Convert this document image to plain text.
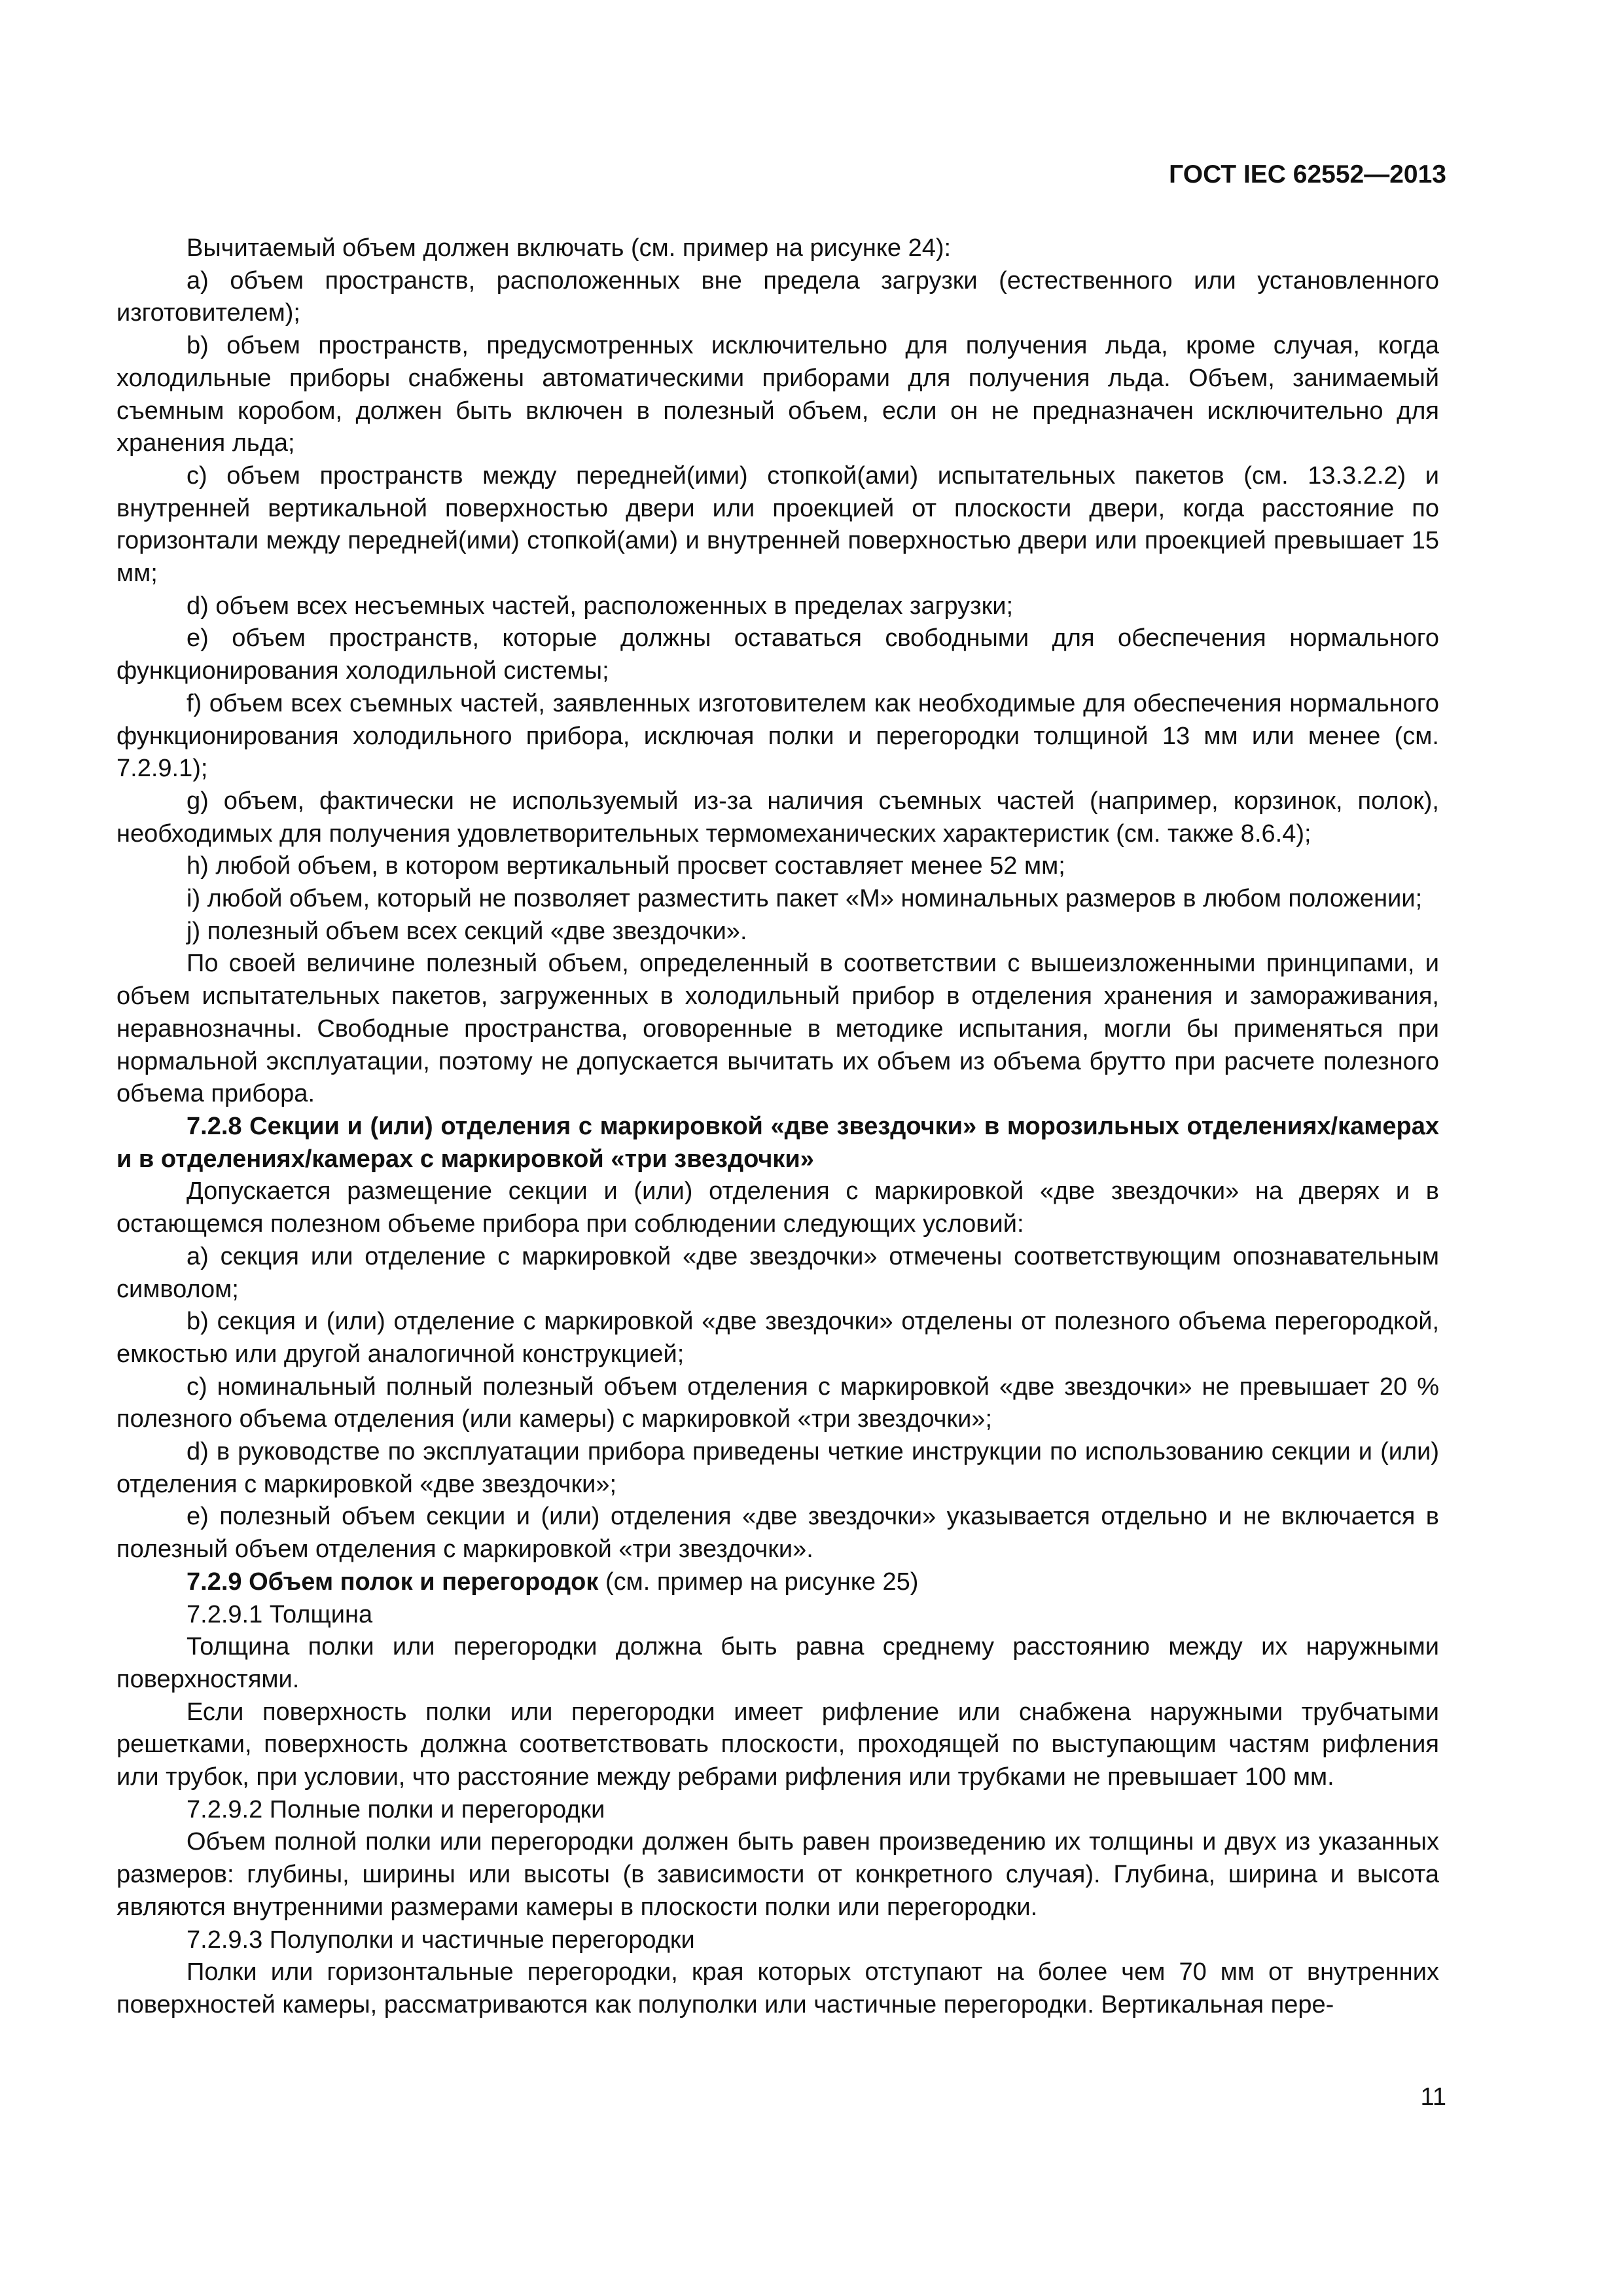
ГОСТ IEC 62552—2013

Вычитаемый объем должен включать (см. пример на рисунке 24):

a) объем пространств, расположенных вне предела загрузки (естественного или установленного изготовителем);

b) объем пространств, предусмотренных исключительно для получения льда, кроме случая, когда холодильные приборы снабжены автоматическими приборами для получения льда. Объем, занимаемый съемным коробом, должен быть включен в полезный объем, если он не предназначен исключительно для хранения льда;

c) объем пространств между передней(ими) стопкой(ами) испытательных пакетов (см. 13.3.2.2) и внутренней вертикальной поверхностью двери или проекцией от плоскости двери, когда расстояние по горизонтали между передней(ими) стопкой(ами) и внутренней поверхностью двери или проекцией превышает 15 мм;

d) объем всех несъемных частей, расположенных в пределах загрузки;

e) объем пространств, которые должны оставаться свободными для обеспечения нормального функционирования холодильной системы;

f) объем всех съемных частей, заявленных изготовителем как необходимые для обеспечения нормального функционирования холодильного прибора, исключая полки и перегородки толщиной 13 мм или менее (см. 7.2.9.1);

g) объем, фактически не используемый из-за наличия съемных частей (например, корзинок, полок), необходимых для получения удовлетворительных термомеханических характеристик (см. также 8.6.4);

h) любой объем, в котором вертикальный просвет составляет менее 52 мм;

i) любой объем, который не позволяет разместить пакет «М» номинальных размеров в любом положении;

j) полезный объем всех секций «две звездочки».

По своей величине полезный объем, определенный в соответствии с вышеизложенными принципами, и объем испытательных пакетов, загруженных в холодильный прибор в отделения хранения и замораживания, неравнозначны. Свободные пространства, оговоренные в методике испытания, могли бы применяться при нормальной эксплуатации, поэтому не допускается вычитать их объем из объема брутто при расчете полезного объема прибора.

7.2.8 Секции и (или) отделения с маркировкой «две звездочки» в морозильных отделениях/камерах и в отделениях/камерах с маркировкой «три звездочки»

Допускается размещение секции и (или) отделения с маркировкой «две звездочки» на дверях и в остающемся полезном объеме прибора при соблюдении следующих условий:

a) секция или отделение с маркировкой «две звездочки» отмечены соответствующим опознавательным символом;

b) секция и (или) отделение с маркировкой «две звездочки» отделены от полезного объема перегородкой, емкостью или другой аналогичной конструкцией;

c) номинальный полный полезный объем отделения с маркировкой «две звездочки» не превышает 20 % полезного объема отделения (или камеры) с маркировкой «три звездочки»;

d) в руководстве по эксплуатации прибора приведены четкие инструкции по использованию секции и (или) отделения с маркировкой «две звездочки»;

e) полезный объем секции и (или) отделения «две звездочки» указывается отдельно и не включается в полезный объем отделения с маркировкой «три звездочки».

7.2.9 Объем полок и перегородок (см. пример на рисунке 25)

7.2.9.1 Толщина

Толщина полки или перегородки должна быть равна среднему расстоянию между их наружными поверхностями.

Если поверхность полки или перегородки имеет рифление или снабжена наружными трубчатыми решетками, поверхность должна соответствовать плоскости, проходящей по выступающим частям рифления или трубок, при условии, что расстояние между ребрами рифления или трубками не превышает 100 мм.

7.2.9.2 Полные полки и перегородки

Объем полной полки или перегородки должен быть равен произведению их толщины и двух из указанных размеров: глубины, ширины или высоты (в зависимости от конкретного случая). Глубина, ширина и высота являются внутренними размерами камеры в плоскости полки или перегородки.

7.2.9.3 Полуполки и частичные перегородки

Полки или горизонтальные перегородки, края которых отступают на более чем 70 мм от внутренних поверхностей камеры, рассматриваются как полуполки или частичные перегородки. Вертикальная пере-

11
